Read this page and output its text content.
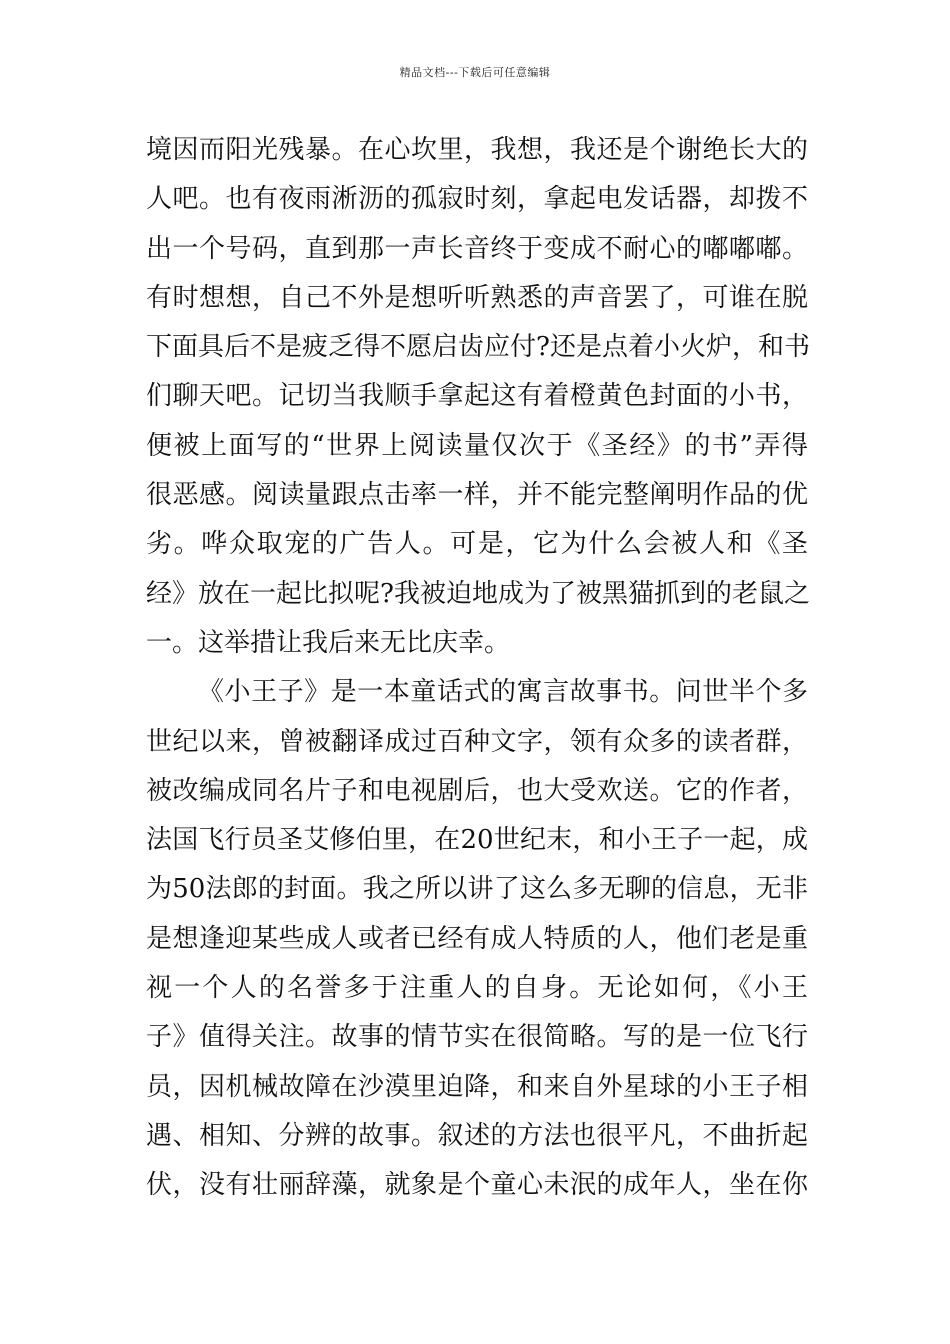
精品文档---下载后可任意编辑
境因而阳光残暴。在心坎里，我想，我还是个谢绝长大的
人吧。也有夜雨淅沥的孤寂时刻，拿起电发话器，却拨不
出一个号码，直到那一声长音终于变成不耐心的嘟嘟嘟。
有时想想，自己不外是想听听熟悉的声音罢了，可谁在脱
下面具后不是疲乏得不愿启齿应付?还是点着小火炉，和书
们聊天吧。记切当我顺手拿起这有着橙黄色封面的小书，
便被上面写的“世界上阅读量仅次于《圣经》的书”弄得
很恶感。阅读量跟点击率一样，并不能完整阐明作品的优
劣。哗众取宠的广告人。可是，它为什么会被人和《圣
经》放在一起比拟呢?我被迫地成为了被黑猫抓到的老鼠之
一。这举措让我后来无比庆幸。
《小王子》是一本童话式的寓言故事书。问世半个多
世纪以来，曾被翻译成过百种文字，领有众多的读者群，
被改编成同名片子和电视剧后，也大受欢送。它的作者，
法国飞行员圣艾修伯里，在20世纪末，和小王子一起，成
为50法郎的封面。我之所以讲了这么多无聊的信息，无非
是想逢迎某些成人或者已经有成人特质的人，他们老是重
视一个人的名誉多于注重人的自身。无论如何，《小王
子》值得关注。故事的情节实在很简略。写的是一位飞行
员，因机械故障在沙漠里迫降，和来自外星球的小王子相
遇、相知、分辨的故事。叙述的方法也很平凡，不曲折起
伏，没有壮丽辞藻，就象是个童心未泯的成年人，坐在你
